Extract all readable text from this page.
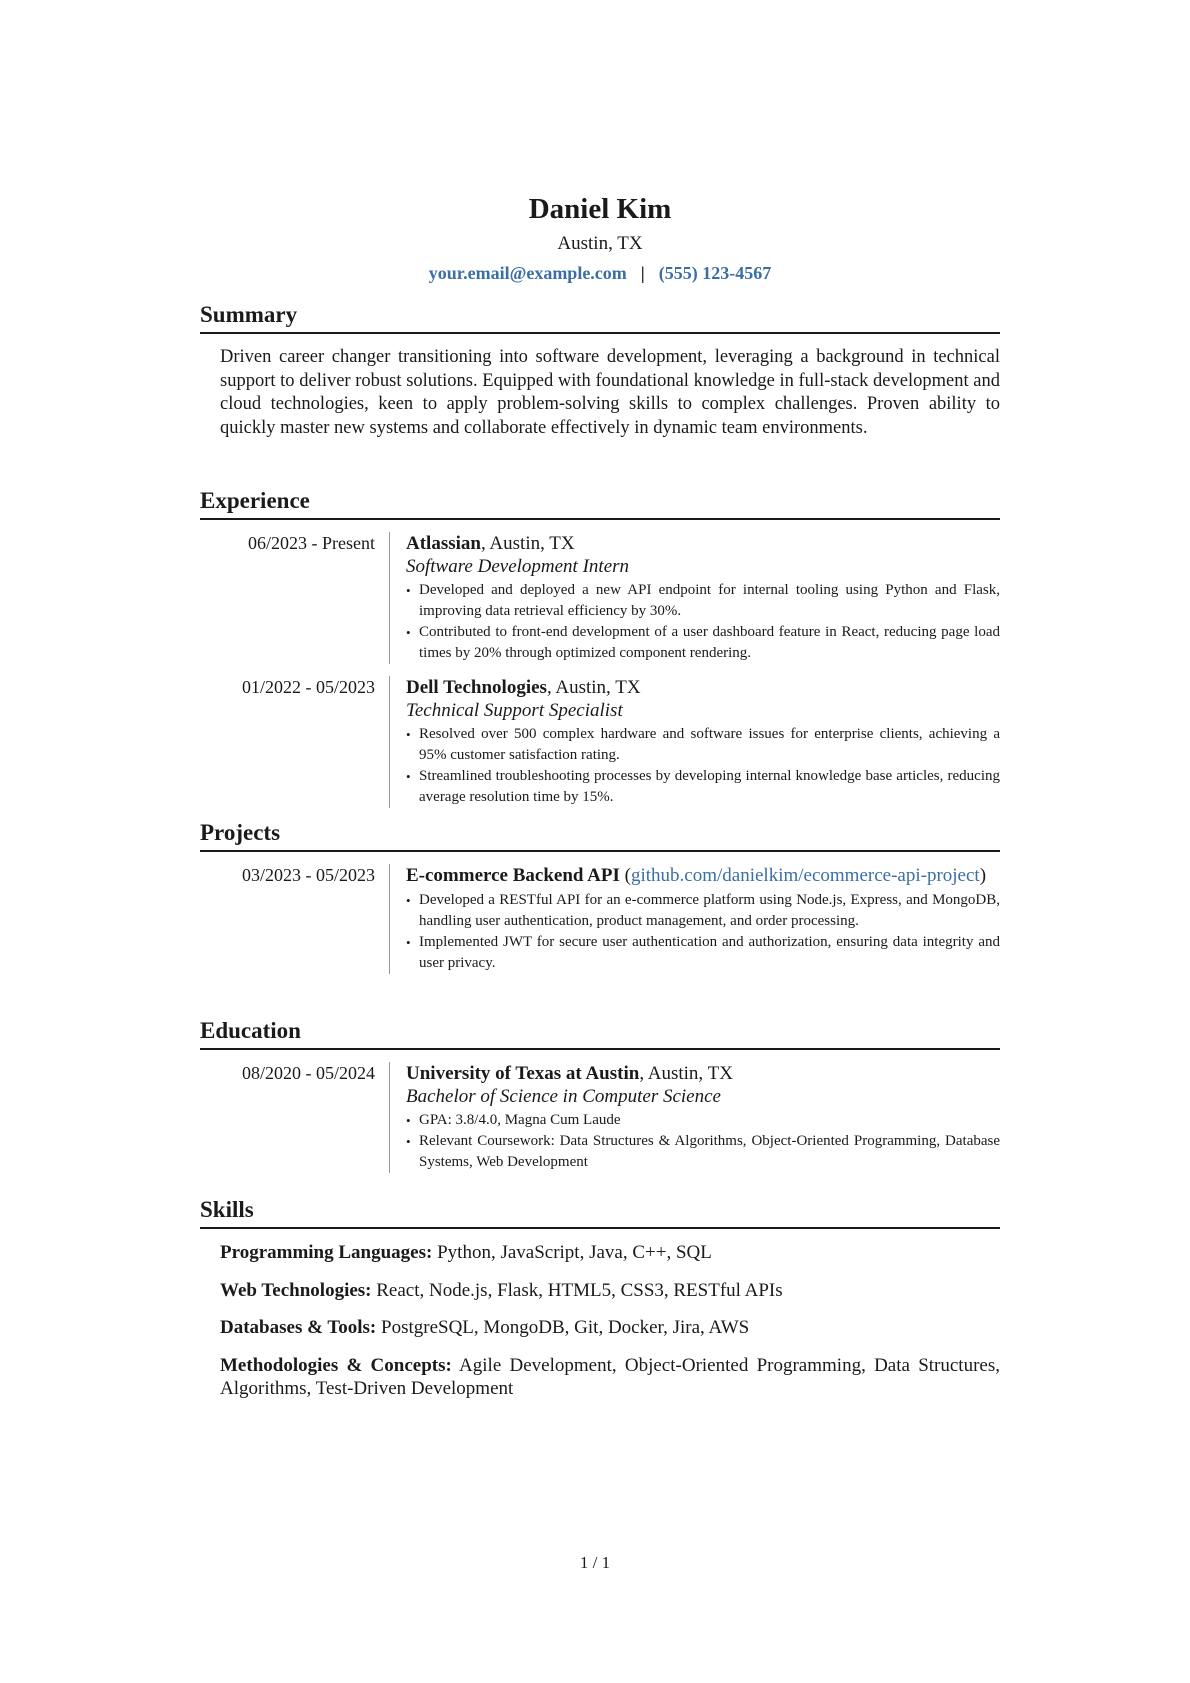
Daniel Kim
Austin, TX
your.email@example.com | (555) 123-4567
Summary
Driven career changer transitioning into software development, leveraging a background in technical support to deliver robust solutions. Equipped with foundational knowledge in full-stack development and cloud technologies, keen to apply problem-solving skills to complex challenges. Proven ability to quickly master new systems and collaborate effectively in dynamic team environments.
Experience
06/2023 - Present	Atlassian, Austin, TX
Software Development Intern
• Developed and deployed a new API endpoint for internal tooling using Python and Flask, improving data retrieval efficiency by 30%.
• Contributed to front-end development of a user dashboard feature in React, reducing page load times by 20% through optimized component rendering.
01/2022 - 05/2023	Dell Technologies, Austin, TX
Technical Support Specialist
• Resolved over 500 complex hardware and software issues for enterprise clients, achieving a 95% customer satisfaction rating.
• Streamlined troubleshooting processes by developing internal knowledge base articles, reducing average resolution time by 15%.
Projects
03/2023 - 05/2023	E-commerce Backend API (github.com/danielkim/ecommerce-api-project)
• Developed a RESTful API for an e-commerce platform using Node.js, Express, and MongoDB, handling user authentication, product management, and order processing.
• Implemented JWT for secure user authentication and authorization, ensuring data integrity and user privacy.
Education
08/2020 - 05/2024	University of Texas at Austin, Austin, TX
Bachelor of Science in Computer Science
• GPA: 3.8/4.0, Magna Cum Laude
• Relevant Coursework: Data Structures & Algorithms, Object-Oriented Programming, Database Systems, Web Development
Skills
Programming Languages: Python, JavaScript, Java, C++, SQL
Web Technologies: React, Node.js, Flask, HTML5, CSS3, RESTful APIs
Databases & Tools: PostgreSQL, MongoDB, Git, Docker, Jira, AWS
Methodologies & Concepts: Agile Development, Object-Oriented Programming, Data Structures, Algorithms, Test-Driven Development
1 / 1
